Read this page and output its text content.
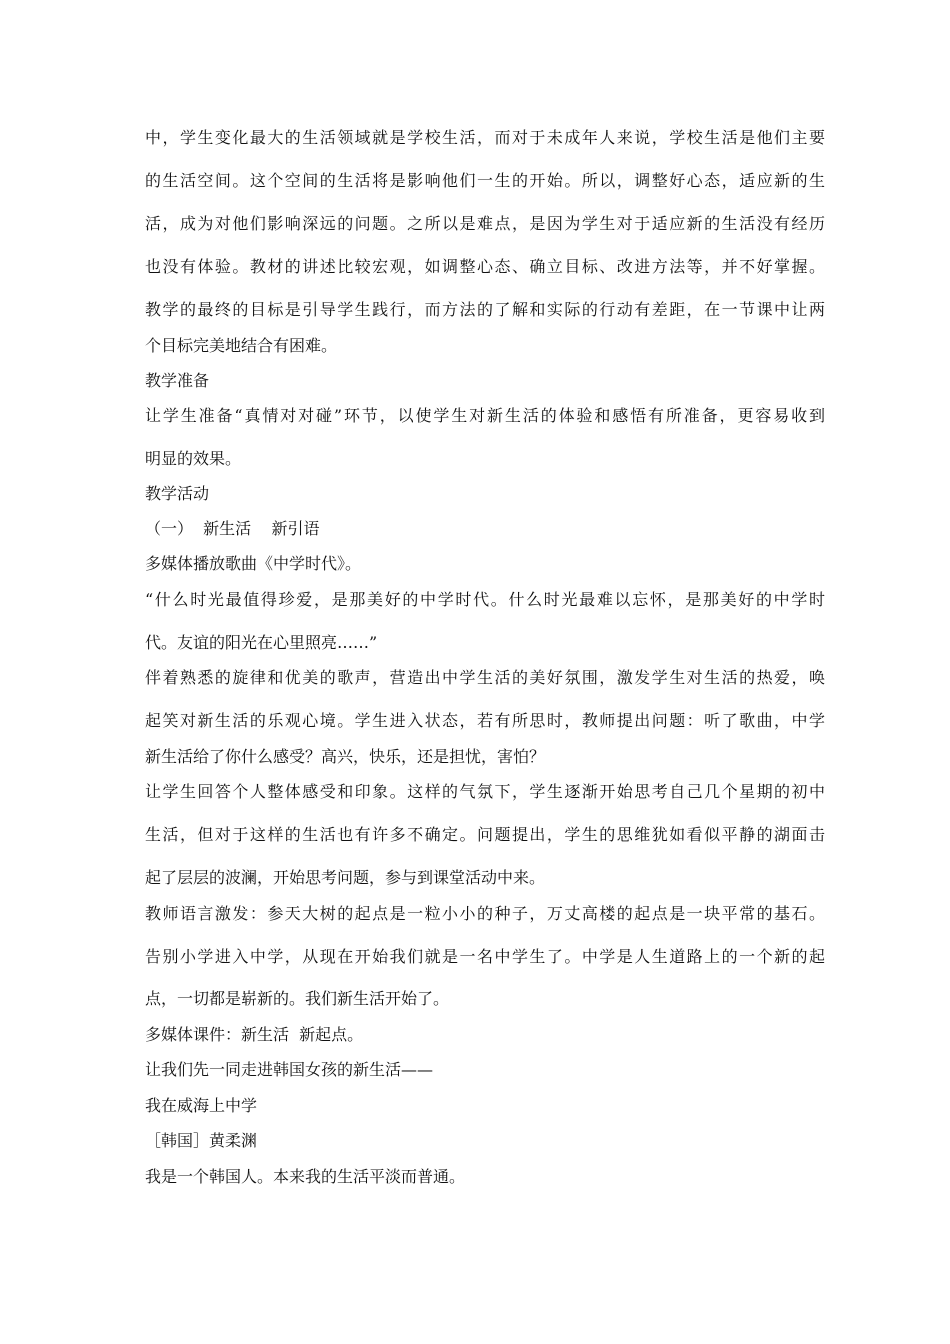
中，学生变化最大的生活领域就是学校生活，而对于未成年人来说，学校生活是他们主要
的生活空间。这个空间的生活将是影响他们一生的开始。所以，调整好心态，适应新的生
活，成为对他们影响深远的问题。之所以是难点，是因为学生对于适应新的生活没有经历
也没有体验。教材的讲述比较宏观，如调整心态、确立目标、改进方法等，并不好掌握。
教学的最终的目标是引导学生践行，而方法的了解和实际的行动有差距，在一节课中让两
个目标完美地结合有困难。
教学准备
让学生准备“真情对对碰”环节，以使学生对新生活的体验和感悟有所准备，更容易收到
明显的效果。
教学活动
（一）  新生活    新引语
多媒体播放歌曲《中学时代》。
“什么时光最值得珍爱，是那美好的中学时代。什么时光最难以忘怀，是那美好的中学时
代。友谊的阳光在心里照亮……”
伴着熟悉的旋律和优美的歌声，营造出中学生活的美好氛围，激发学生对生活的热爱，唤
起笑对新生活的乐观心境。学生进入状态，若有所思时，教师提出问题：听了歌曲，中学
新生活给了你什么感受？高兴，快乐，还是担忧，害怕？
让学生回答个人整体感受和印象。这样的气氛下，学生逐渐开始思考自己几个星期的初中
生活，但对于这样的生活也有许多不确定。问题提出，学生的思维犹如看似平静的湖面击
起了层层的波澜，开始思考问题，参与到课堂活动中来。
教师语言激发：参天大树的起点是一粒小小的种子，万丈高楼的起点是一块平常的基石。
告别小学进入中学，从现在开始我们就是一名中学生了。中学是人生道路上的一个新的起
点，一切都是崭新的。我们新生活开始了。
多媒体课件：新生活  新起点。
让我们先一同走进韩国女孩的新生活——
我在威海上中学
［韩国］黄柔渊
我是一个韩国人。本来我的生活平淡而普通。
